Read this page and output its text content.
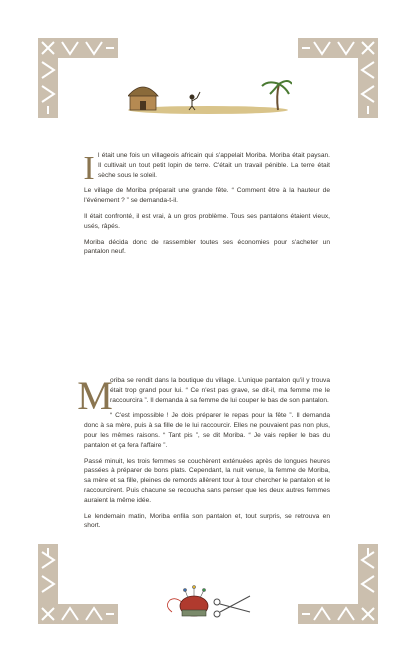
Il était une fois un villageois africain qui s'appelait Moriba. Moriba était paysan. Il cultivait un tout petit lopin de terre. C'était un travail pénible. La terre était sèche sous le soleil.

Le village de Moriba préparait une grande fête. “ Comment être à la hauteur de l'événement ? ” se demanda-t-il.

Il était confronté, il est vrai, à un gros problème. Tous ses pantalons étaient vieux, usés, râpés.

Moriba décida donc de rassembler toutes ses économies pour s'acheter un pantalon neuf.

M
oriba se rendit dans la boutique du village. L'unique pantalon qu'il y trouva était trop grand pour lui. “ Ce n'est pas grave, se dit-il, ma femme me le raccourcira ”. Il demanda à sa femme de lui couper le bas de son pantalon.

“ C'est impossible ! Je dois préparer le repas pour la fête ”. Il demanda donc à sa mère, puis à sa fille de le lui raccourcir. Elles ne pouvaient pas non plus, pour les mêmes raisons. “ Tant pis ”, se dit Moriba. “ Je vais replier le bas du pantalon et ça fera l'affaire ”.

Passé minuit, les trois femmes se couchèrent exténuées après de longues heures passées à préparer de bons plats. Cependant, la nuit venue, la femme de Moriba, sa mère et sa fille, pleines de remords allèrent tour à tour chercher le pantalon et le raccourcirent. Puis chacune se recoucha sans penser que les deux autres femmes auraient la même idée.

Le lendemain matin, Moriba enfila son pantalon et, tout surpris, se retrouva en short.
